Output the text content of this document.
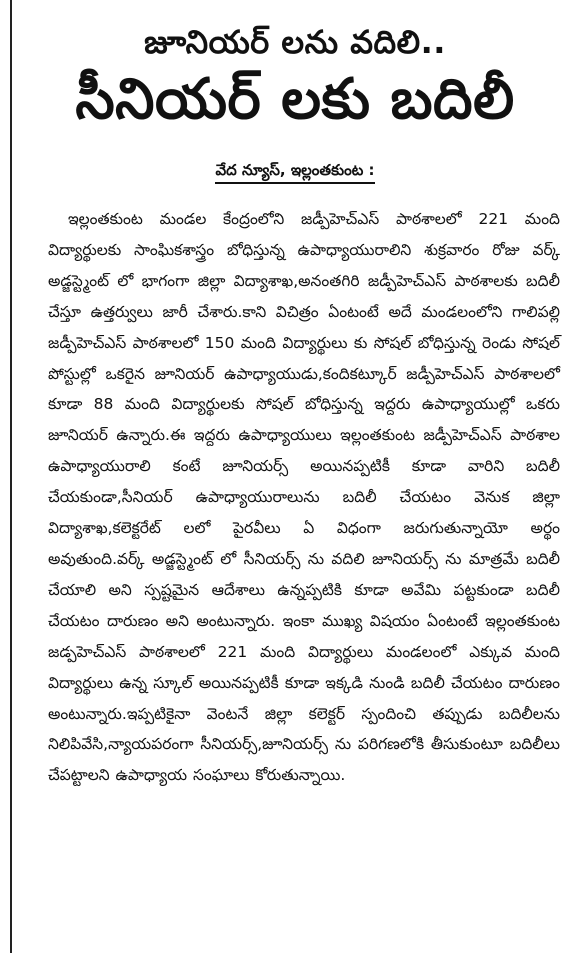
జూనియర్ లను వదిలి..
సీనియర్ లకు బదిలీ
వేద న్యూస్, ఇల్లంతకుంట :

ఇల్లంతకుంట మండల కేంద్రంలోని జడ్పీహెచ్ఎస్ పాఠశాలలో 221 మంది విద్యార్థులకు సాంఘికశాస్త్రం బోధిస్తున్న ఉపాధ్యాయురాలిని శుక్రవారం రోజు వర్క్ అడ్జస్ట్మెంట్ లో భాగంగా జిల్లా విద్యాశాఖ,అనంతగిరి జడ్పీహెచ్ఎస్ పాఠశాలకు బదిలీ చేస్తూ ఉత్తర్వులు జారీ చేశారు.కాని విచిత్రం ఏంటంటే అదే మండలంలోని గాలిపల్లి జడ్పీహెచ్ఎస్ పాఠశాలలో 150 మంది విద్యార్థులు కు సోషల్ బోధిస్తున్న రెండు సోషల్ పోస్టుల్లో ఒకరైన జూనియర్ ఉపాధ్యాయుడు,కందికట్కూర్ జడ్పీహెచ్ఎస్ పాఠశాలలో కూడా 88 మంది విద్యార్థులకు సోషల్ బోధిస్తున్న ఇద్దరు ఉపాధ్యాయుల్లో ఒకరు జూనియర్ ఉన్నారు.ఈ ఇద్దరు ఉపాధ్యాయులు ఇల్లంతకుంట జడ్పీహెచ్ఎస్ పాఠశాల ఉపాధ్యాయురాలి కంటే జూనియర్స్ అయినప్పటికీ కూడా వారిని బదిలీ చేయకుండా,సీనియర్ ఉపాధ్యాయురాలును బదిలీ చేయటం వెనుక జిల్లా విద్యాశాఖ,కలెక్టరేట్ లలో పైరవీలు ఏ విధంగా జరుగుతున్నాయో అర్థం అవుతుంది.వర్క్ అడ్జస్ట్మెంట్ లో సీనియర్స్ ను వదిలి జూనియర్స్ ను మాత్రమే బదిలీ చేయాలి అని స్పష్టమైన ఆదేశాలు ఉన్నప్పటికి కూడా అవేమి పట్టకుండా బదిలీ చేయటం దారుణం అని అంటున్నారు. ఇంకా ముఖ్య విషయం ఏంటంటే ఇల్లంతకుంట జడ్పహెచ్ఎస్ పాఠశాలలో 221 మంది విద్యార్థులు మండలంలో ఎక్కువ మంది విద్యార్థులు ఉన్న స్కూల్ అయినప్పటికీ కూడా ఇక్కడి నుండి బదిలీ చేయటం దారుణం అంటున్నారు.ఇప్పటికైనా వెంటనే జిల్లా కలెక్టర్ స్పందించి తప్పుడు బదిలీలను నిలిపివేసి,న్యాయపరంగా సీనియర్స్,జూనియర్స్ ను పరిగణలోకి తీసుకుంటూ బదిలీలు చేపట్టాలని ఉపాధ్యాయ సంఘాలు కోరుతున్నాయి.
